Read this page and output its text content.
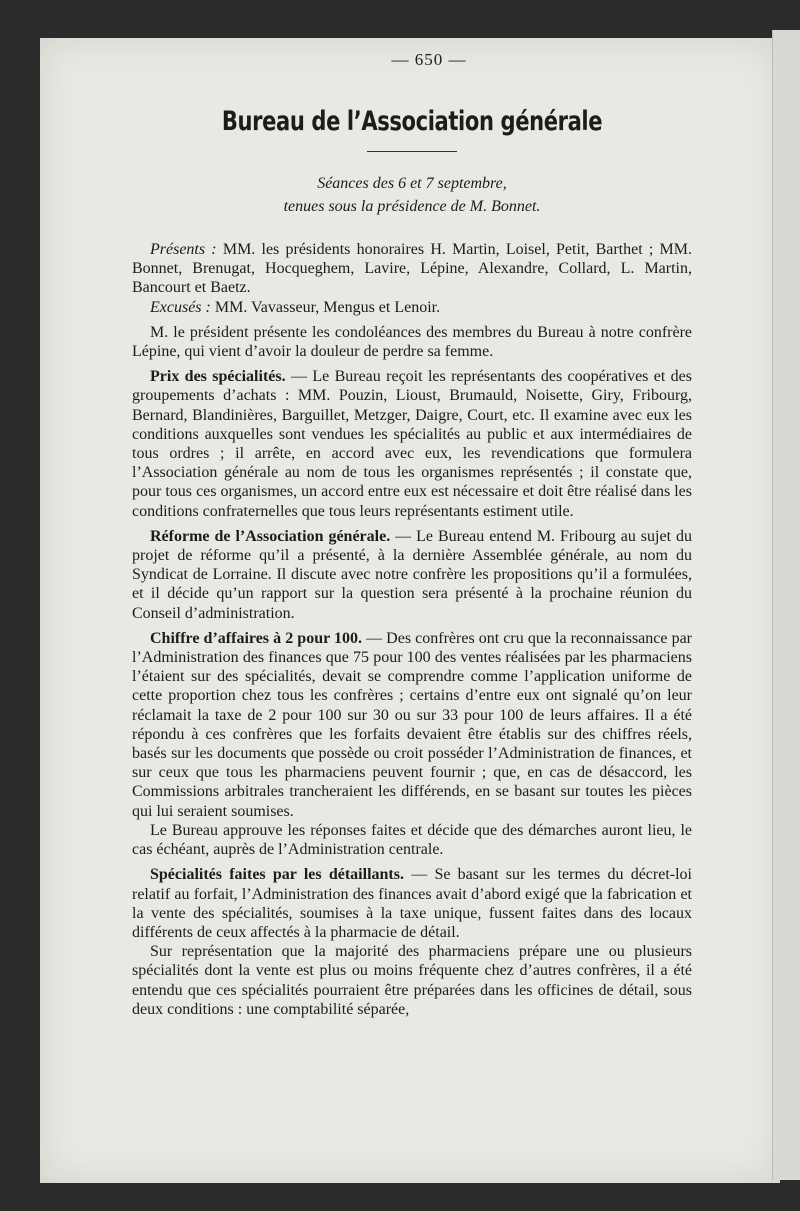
— 650 —
Bureau de l’Association générale
Séances des 6 et 7 septembre,
tenues sous la présidence de M. Bonnet.

Présents : MM. les présidents honoraires H. Martin, Loisel, Petit, Barthet ; MM. Bonnet, Brenugat, Hocqueghem, Lavire, Lépine, Alexandre, Collard, L. Martin, Bancourt et Baetz.

Excusés : MM. Vavasseur, Mengus et Lenoir.

M. le président présente les condoléances des membres du Bureau à notre confrère Lépine, qui vient d’avoir la douleur de perdre sa femme.

Prix des spécialités. — Le Bureau reçoit les représentants des coopératives et des groupements d’achats : MM. Pouzin, Lioust, Brumauld, Noisette, Giry, Fribourg, Bernard, Blandinières, Barguillet, Metzger, Daigre, Court, etc. Il examine avec eux les conditions auxquelles sont vendues les spécialités au public et aux intermédiaires de tous ordres ; il arrête, en accord avec eux, les revendications que formulera l’Association générale au nom de tous les organismes représentés ; il constate que, pour tous ces organismes, un accord entre eux est nécessaire et doit être réalisé dans les conditions confraternelles que tous leurs représentants estiment utile.

Réforme de l’Association générale. — Le Bureau entend M. Fribourg au sujet du projet de réforme qu’il a présenté, à la dernière Assemblée générale, au nom du Syndicat de Lorraine. Il discute avec notre confrère les propositions qu’il a formulées, et il décide qu’un rapport sur la question sera présenté à la prochaine réunion du Conseil d’administration.

Chiffre d’affaires à 2 pour 100. — Des confrères ont cru que la reconnaissance par l’Administration des finances que 75 pour 100 des ventes réalisées par les pharmaciens l’étaient sur des spécialités, devait se comprendre comme l’application uniforme de cette proportion chez tous les confrères ; certains d’entre eux ont signalé qu’on leur réclamait la taxe de 2 pour 100 sur 30 ou sur 33 pour 100 de leurs affaires. Il a été répondu à ces confrères que les forfaits devaient être établis sur des chiffres réels, basés sur les documents que possède ou croit posséder l’Administration de finances, et sur ceux que tous les pharmaciens peuvent fournir ; que, en cas de désaccord, les Commissions arbitrales trancheraient les différends, en se basant sur toutes les pièces qui lui seraient soumises.

Le Bureau approuve les réponses faites et décide que des démarches auront lieu, le cas échéant, auprès de l’Administration centrale.

Spécialités faites par les détaillants. — Se basant sur les termes du décret-loi relatif au forfait, l’Administration des finances avait d’abord exigé que la fabrication et la vente des spécialités, soumises à la taxe unique, fussent faites dans des locaux différents de ceux affectés à la pharmacie de détail.

Sur représentation que la majorité des pharmaciens prépare une ou plusieurs spécialités dont la vente est plus ou moins fréquente chez d’autres confrères, il a été entendu que ces spécialités pourraient être préparées dans les officines de détail, sous deux conditions : une comptabilité séparée,
